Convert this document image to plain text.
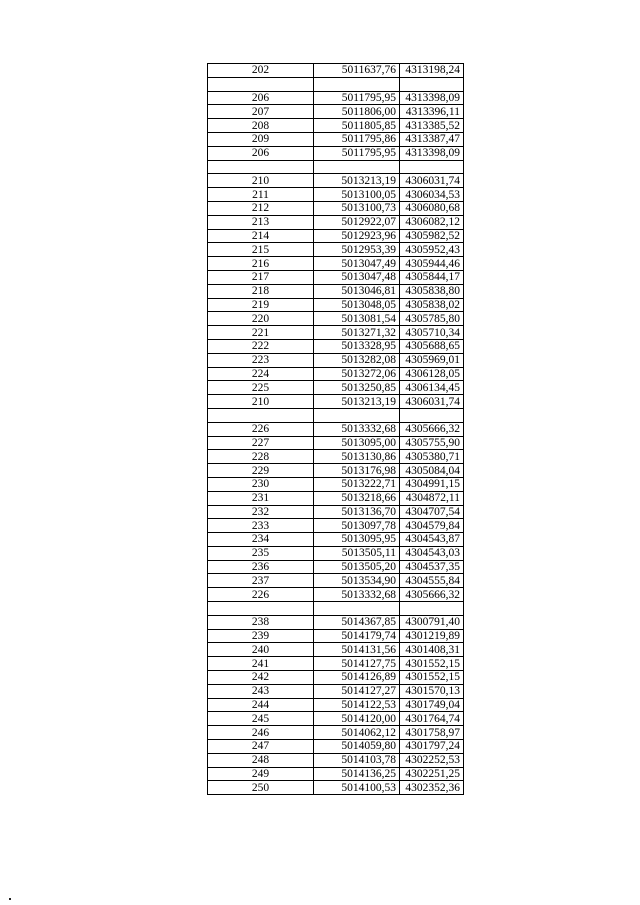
202	5011637,76	4313198,24

206	5011795,95	4313398,09
207	5011806,00	4313396,11
208	5011805,85	4313385,52
209	5011795,86	4313387,47
206	5011795,95	4313398,09

210	5013213,19	4306031,74
211	5013100,05	4306034,53
212	5013100,73	4306080,68
213	5012922,07	4306082,12
214	5012923,96	4305982,52
215	5012953,39	4305952,43
216	5013047,49	4305944,46
217	5013047,48	4305844,17
218	5013046,81	4305838,80
219	5013048,05	4305838,02
220	5013081,54	4305785,80
221	5013271,32	4305710,34
222	5013328,95	4305688,65
223	5013282,08	4305969,01
224	5013272,06	4306128,05
225	5013250,85	4306134,45
210	5013213,19	4306031,74

226	5013332,68	4305666,32
227	5013095,00	4305755,90
228	5013130,86	4305380,71
229	5013176,98	4305084,04
230	5013222,71	4304991,15
231	5013218,66	4304872,11
232	5013136,70	4304707,54
233	5013097,78	4304579,84
234	5013095,95	4304543,87
235	5013505,11	4304543,03
236	5013505,20	4304537,35
237	5013534,90	4304555,84
226	5013332,68	4305666,32

238	5014367,85	4300791,40
239	5014179,74	4301219,89
240	5014131,56	4301408,31
241	5014127,75	4301552,15
242	5014126,89	4301552,15
243	5014127,27	4301570,13
244	5014122,53	4301749,04
245	5014120,00	4301764,74
246	5014062,12	4301758,97
247	5014059,80	4301797,24
248	5014103,78	4302252,53
249	5014136,25	4302251,25
250	5014100,53	4302352,36
